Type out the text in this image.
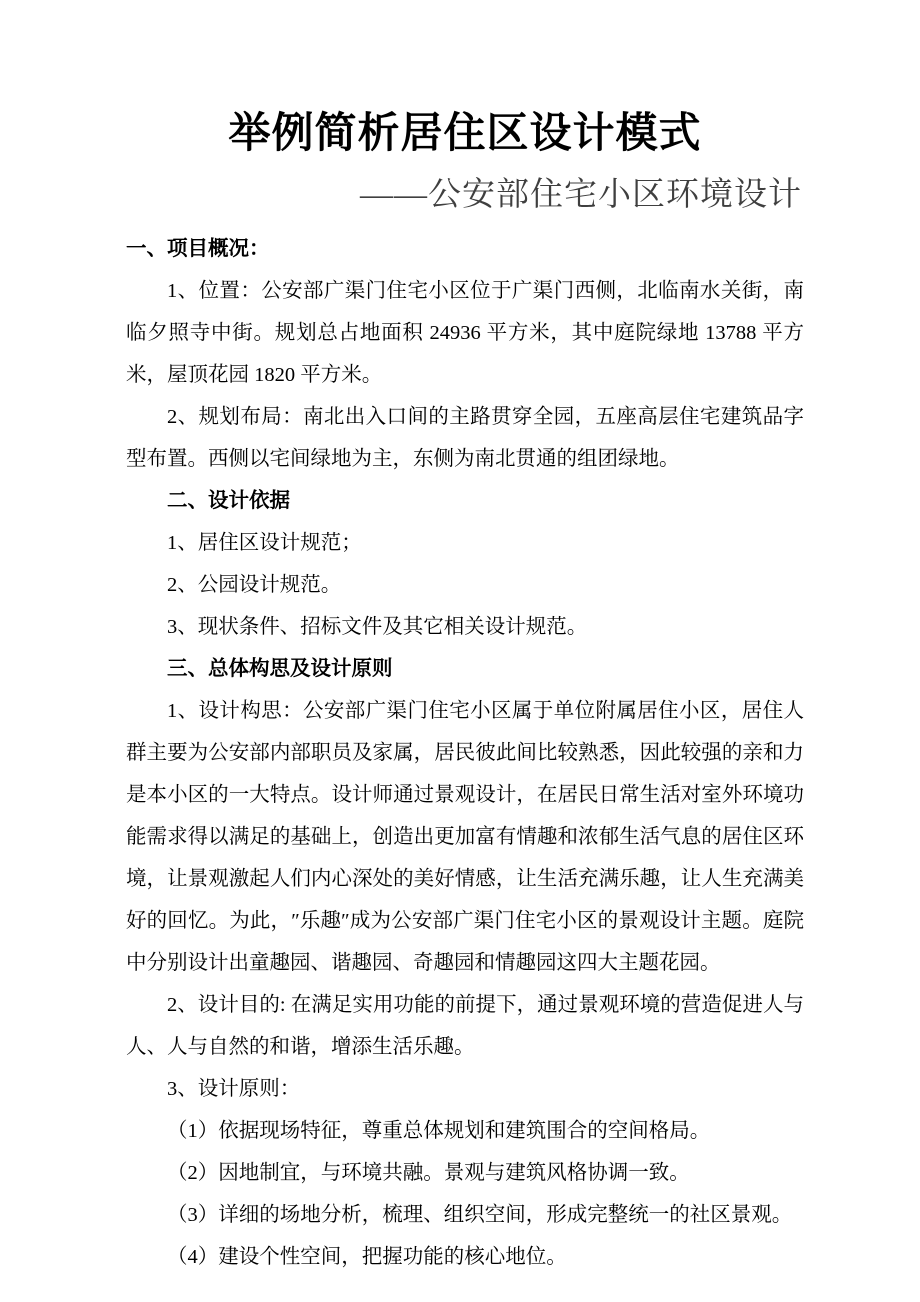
举例简析居住区设计模式
——公安部住宅小区环境设计

一、项目概况：

1、位置：公安部广渠门住宅小区位于广渠门西侧，北临南水关街，南临夕照寺中街。规划总占地面积 24936 平方米，其中庭院绿地 13788 平方米，屋顶花园 1820 平方米。

2、规划布局：南北出入口间的主路贯穿全园，五座高层住宅建筑品字型布置。西侧以宅间绿地为主，东侧为南北贯通的组团绿地。

二、设计依据

1、居住区设计规范；

2、公园设计规范。

3、现状条件、招标文件及其它相关设计规范。

三、总体构思及设计原则

1、设计构思：公安部广渠门住宅小区属于单位附属居住小区，居住人群主要为公安部内部职员及家属，居民彼此间比较熟悉，因此较强的亲和力是本小区的一大特点。设计师通过景观设计，在居民日常生活对室外环境功能需求得以满足的基础上，创造出更加富有情趣和浓郁生活气息的居住区环境，让景观激起人们内心深处的美好情感，让生活充满乐趣，让人生充满美好的回忆。为此，″乐趣″成为公安部广渠门住宅小区的景观设计主题。庭院中分别设计出童趣园、谐趣园、奇趣园和情趣园这四大主题花园。

2、设计目的: 在满足实用功能的前提下，通过景观环境的营造促进人与人、人与自然的和谐，增添生活乐趣。

3、设计原则：

（1）依据现场特征，尊重总体规划和建筑围合的空间格局。

（2）因地制宜，与环境共融。景观与建筑风格协调一致。

（3）详细的场地分析，梳理、组织空间，形成完整统一的社区景观。

（4）建设个性空间，把握功能的核心地位。
